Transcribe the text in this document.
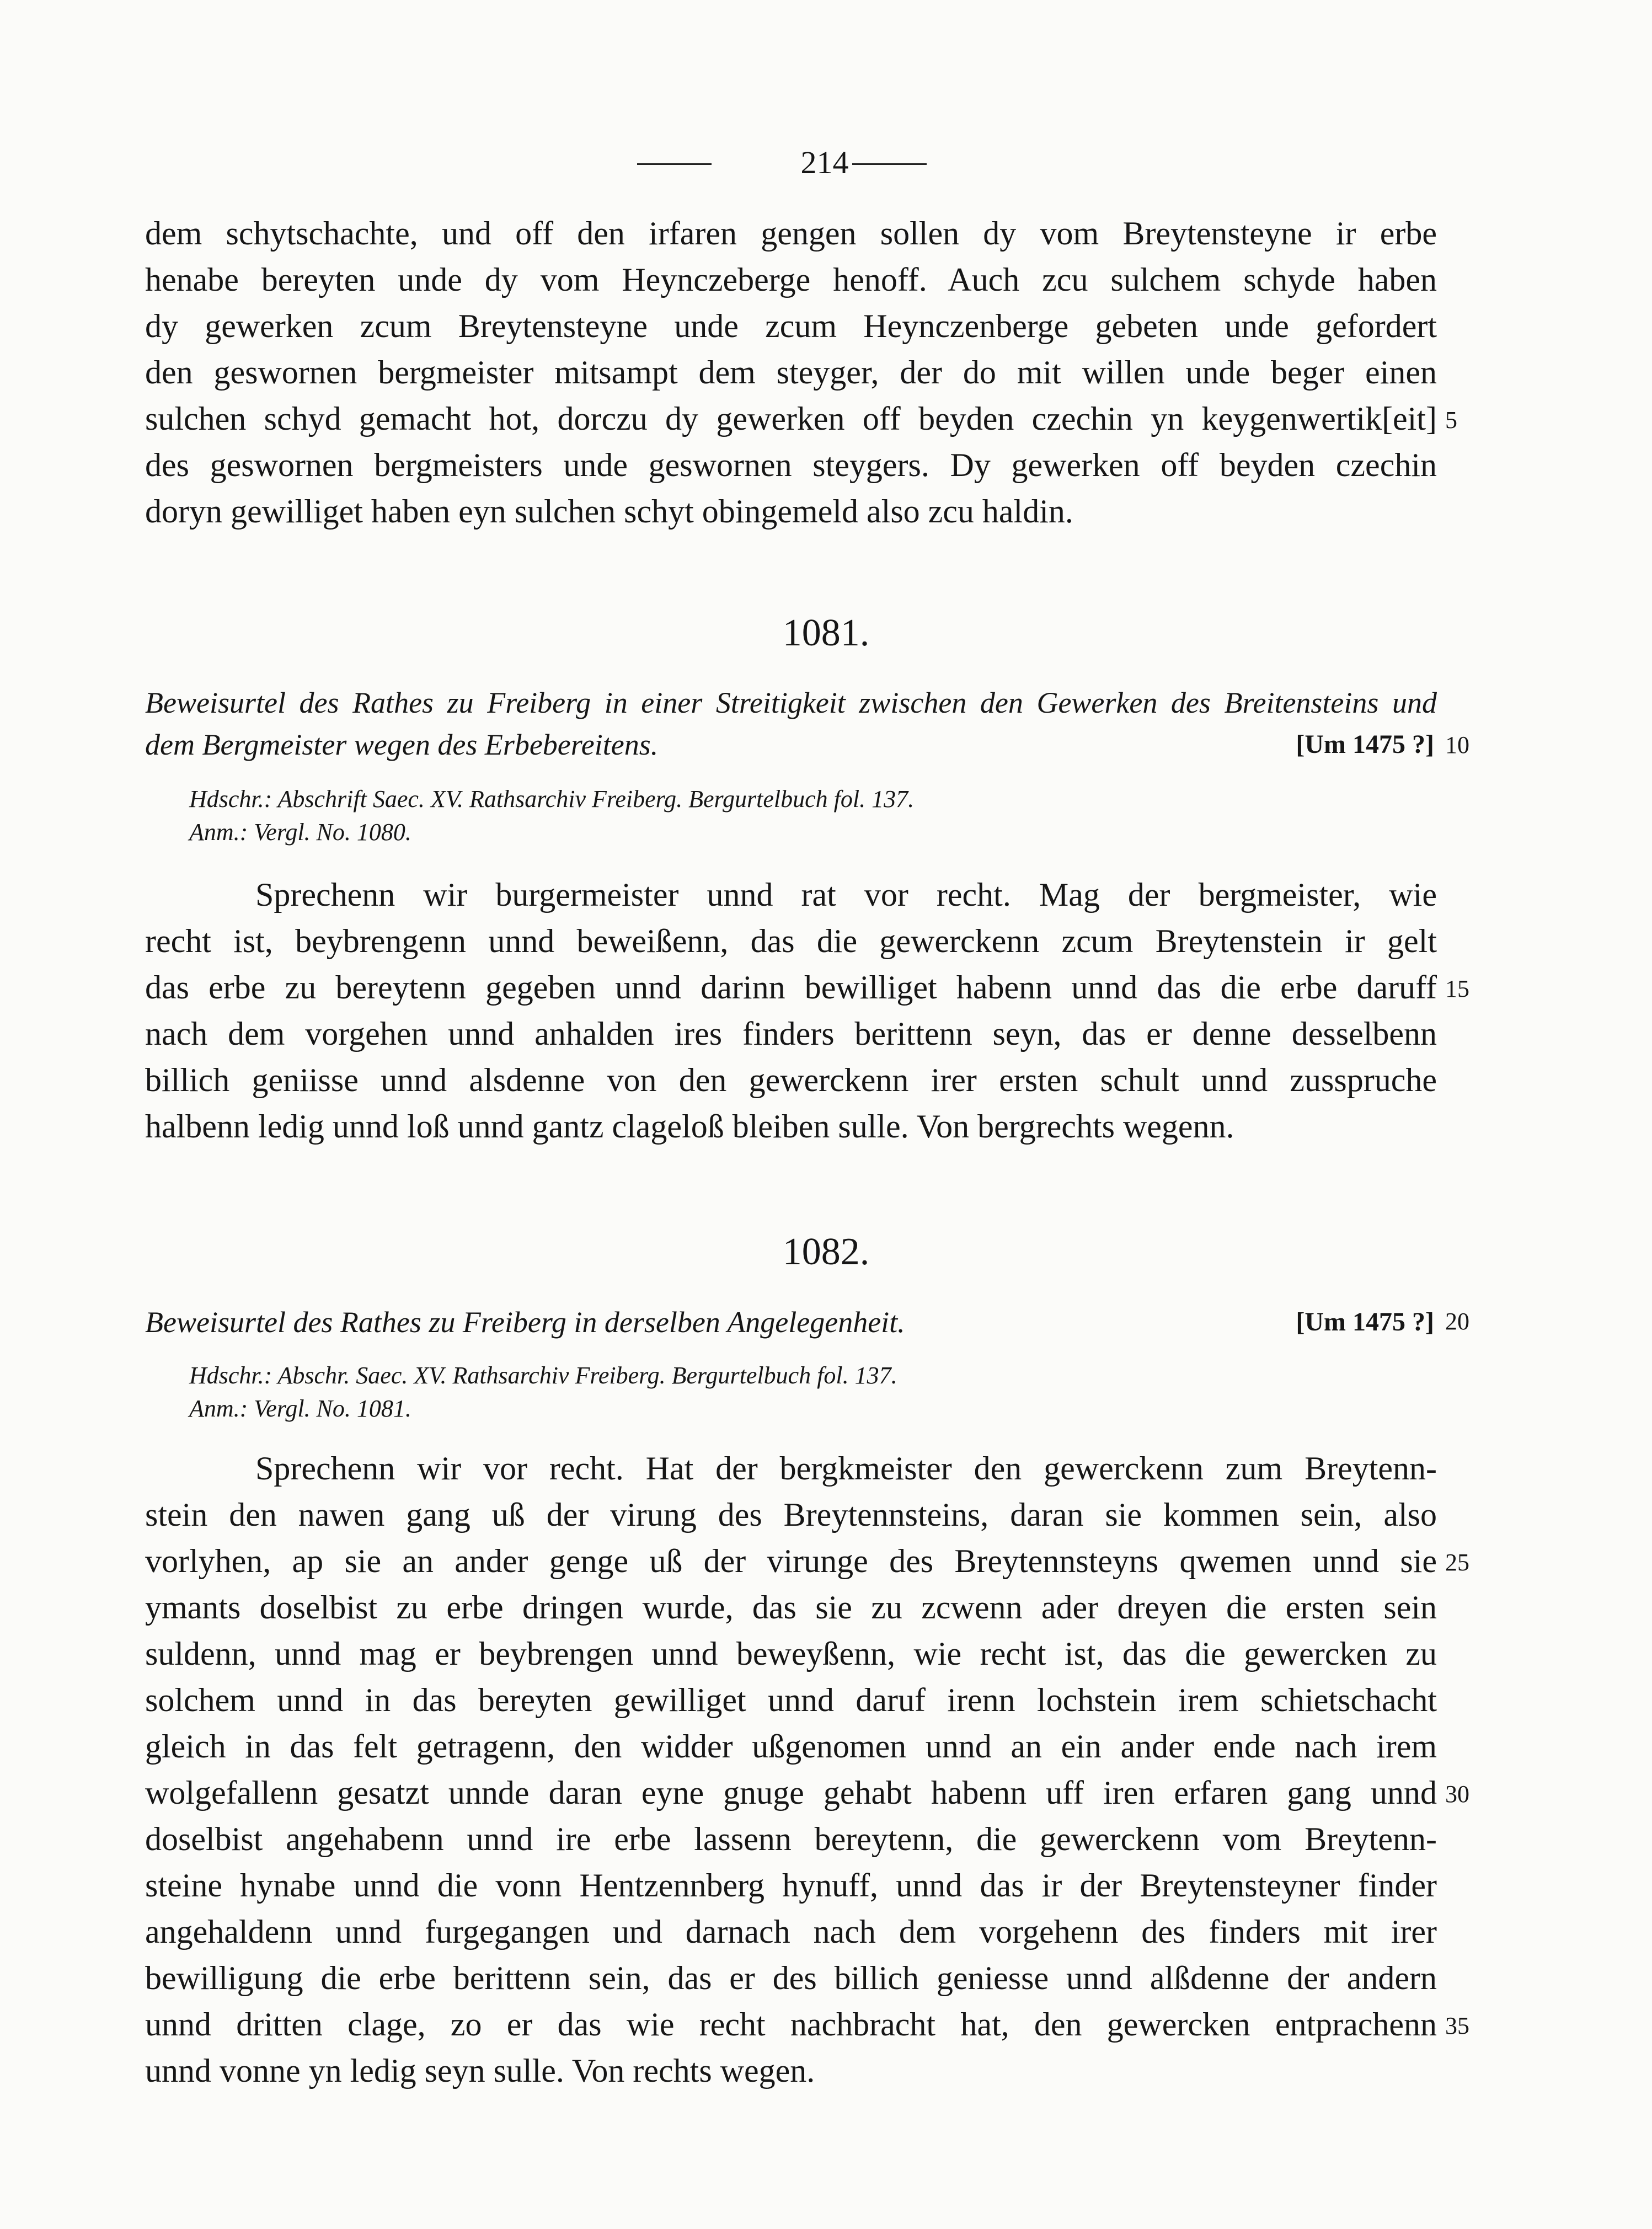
214
dem schytschachte, und off den irfaren gengen sollen dy vom Breytensteyne ir erbe
henabe bereyten unde dy vom Heynczeberge henoff. Auch zcu sulchem schyde haben
dy gewerken zcum Breytensteyne unde zcum Heynczenberge gebeten unde gefordert
den geswornen bergmeister mitsampt dem steyger, der do mit willen unde beger einen
sulchen schyd gemacht hot, dorczu dy gewerken off beyden czechin yn keygenwertik[eit]
des geswornen bergmeisters unde geswornen steygers. Dy gewerken off beyden czechin
doryn gewilliget haben eyn sulchen schyt obingemeld also zcu haldin.
5
1081.
Beweisurtel des Rathes zu Freiberg in einer Streitigkeit zwischen den Gewerken des Breitensteins und
dem Bergmeister wegen des Erbebereitens.	[Um 1475 ?] 10
Hdschr.: Abschrift Saec. XV. Rathsarchiv Freiberg. Bergurtelbuch fol. 137.
Anm.: Vergl. No. 1080.
Sprechenn wir burgermeister unnd rat vor recht. Mag der bergmeister, wie
recht ist, beybrengenn unnd beweißenn, das die gewerckenn zcum Breytenstein ir gelt
das erbe zu bereytenn gegeben unnd darinn bewilliget habenn unnd das die erbe daruff
nach dem vorgehen unnd anhalden ires finders berittenn seyn, das er denne desselbenn
billich geniisse unnd alsdenne von den gewerckenn irer ersten schult unnd zusspruche
halbenn ledig unnd loß unnd gantz clageloß bleiben sulle. Von bergrechts wegenn.
15
1082.
Beweisurtel des Rathes zu Freiberg in derselben Angelegenheit.	[Um 1475 ?] 20
Hdschr.: Abschr. Saec. XV. Rathsarchiv Freiberg. Bergurtelbuch fol. 137.
Anm.: Vergl. No. 1081.
Sprechenn wir vor recht. Hat der bergkmeister den gewerckenn zum Breytenn-
stein den nawen gang uß der virung des Breytennsteins, daran sie kommen sein, also
vorlyhen, ap sie an ander genge uß der virunge des Breytennsteyns qwemen unnd sie
ymants doselbist zu erbe dringen wurde, das sie zu zcwenn ader dreyen die ersten sein
suldenn, unnd mag er beybrengen unnd beweyßenn, wie recht ist, das die gewercken zu
solchem unnd in das bereyten gewilliget unnd daruf irenn lochstein irem schietschacht
gleich in das felt getragenn, den widder ußgenomen unnd an ein ander ende nach irem
wolgefallenn gesatzt unnde daran eyne gnuge gehabt habenn uff iren erfaren gang unnd
doselbist angehabenn unnd ire erbe lassenn bereytenn, die gewerckenn vom Breytenn-
steine hynabe unnd die vonn Hentzennberg hynuff, unnd das ir der Breytensteyner finder
angehaldenn unnd furgegangen und darnach nach dem vorgehenn des finders mit irer
bewilligung die erbe berittenn sein, das er des billich geniesse unnd alßdenne der andern
unnd dritten clage, zo er das wie recht nachbracht hat, den gewercken entprachenn
unnd vonne yn ledig seyn sulle. Von rechts wegen.
25
30
35
